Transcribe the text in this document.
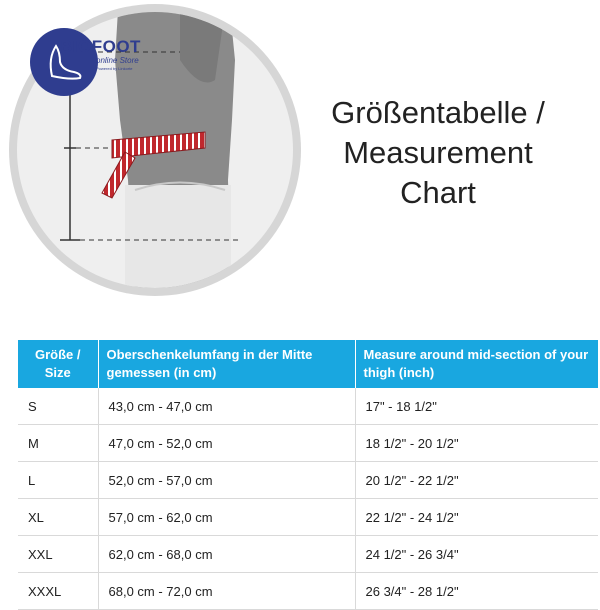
BIOFOOT
online Store
Powered by Linkorte
Größentabelle /
Measurement
Chart
Größe / Size	Oberschenkelumfang in der Mitte gemessen (in cm)	Measure around mid-section of your thigh (inch)
S	43,0 cm - 47,0 cm	17" - 18 1/2"
M	47,0 cm - 52,0 cm	18 1/2" - 20 1/2"
L	52,0 cm - 57,0 cm	20 1/2" - 22 1/2"
XL	57,0 cm - 62,0 cm	22 1/2" - 24 1/2"
XXL	62,0 cm - 68,0 cm	24 1/2" - 26 3/4"
XXXL	68,0 cm - 72,0 cm	26 3/4" - 28 1/2"
